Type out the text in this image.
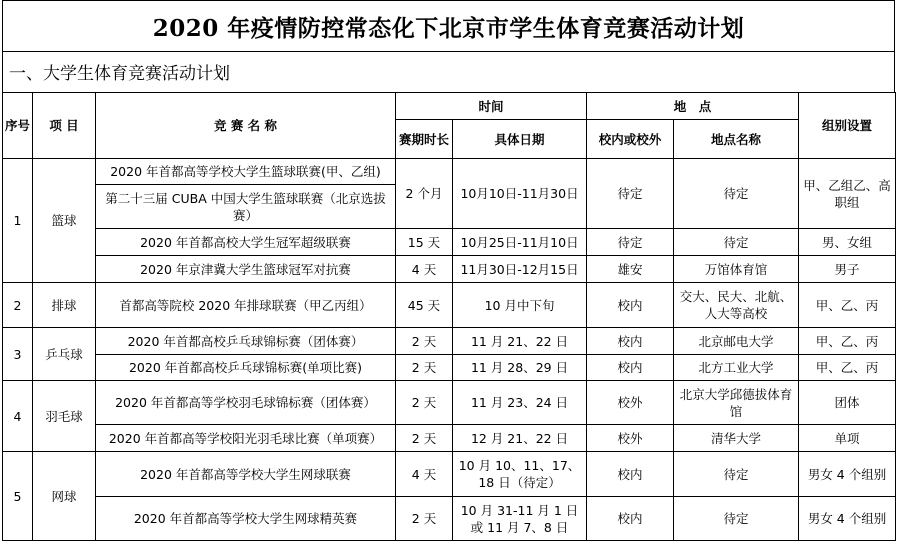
2020 年疫情防控常态化下北京市学生体育竞赛活动计划
一、大学生体育竞赛活动计划
序号	项 目	竞 赛 名 称	时间		地　点		组别设置
			赛期时长	具体日期	校内或校外	地点名称	
1	篮球	2020 年首都高等学校大学生篮球联赛(甲、乙组)	2 个月	10月10日-11月30日	待定	待定	甲、乙组乙、高职组
		第二十三届 CUBA 中国大学生篮球联赛（北京选拔赛）					
		2020 年首都高校大学生冠军超级联赛	15 天	10月25日-11月10日	待定	待定	男、女组
		2020 年京津冀大学生篮球冠军对抗赛	4 天	11月30日-12月15日	雄安	万馆体育馆	男子
2	排球	首都高等院校 2020 年排球联赛（甲乙丙组）	45 天	10 月中下旬	校内	交大、民大、北航、人大等高校	甲、乙、丙
3	乒乓球	2020 年首都高校乒乓球锦标赛（团体赛）	2 天	11 月 21、22 日	校内	北京邮电大学	甲、乙、丙
		2020 年首都高校乒乓球锦标赛(单项比赛)	2 天	11 月 28、29 日	校内	北方工业大学	甲、乙、丙
4	羽毛球	2020 年首都高等学校羽毛球锦标赛（团体赛）	2 天	11 月 23、24 日	校外	北京大学邱德拔体育馆	团体
		2020 年首都高等学校阳光羽毛球比赛（单项赛）	2 天	12 月 21、22 日	校外	清华大学	单项
5	网球	2020 年首都高等学校大学生网球联赛	4 天	10 月 10、11、17、18 日（待定）	校内	待定	男女 4 个组别
		2020 年首都高等学校大学生网球精英赛	2 天	10 月 31-11 月 1 日或 11 月 7、8 日	校内	待定	男女 4 个组别
